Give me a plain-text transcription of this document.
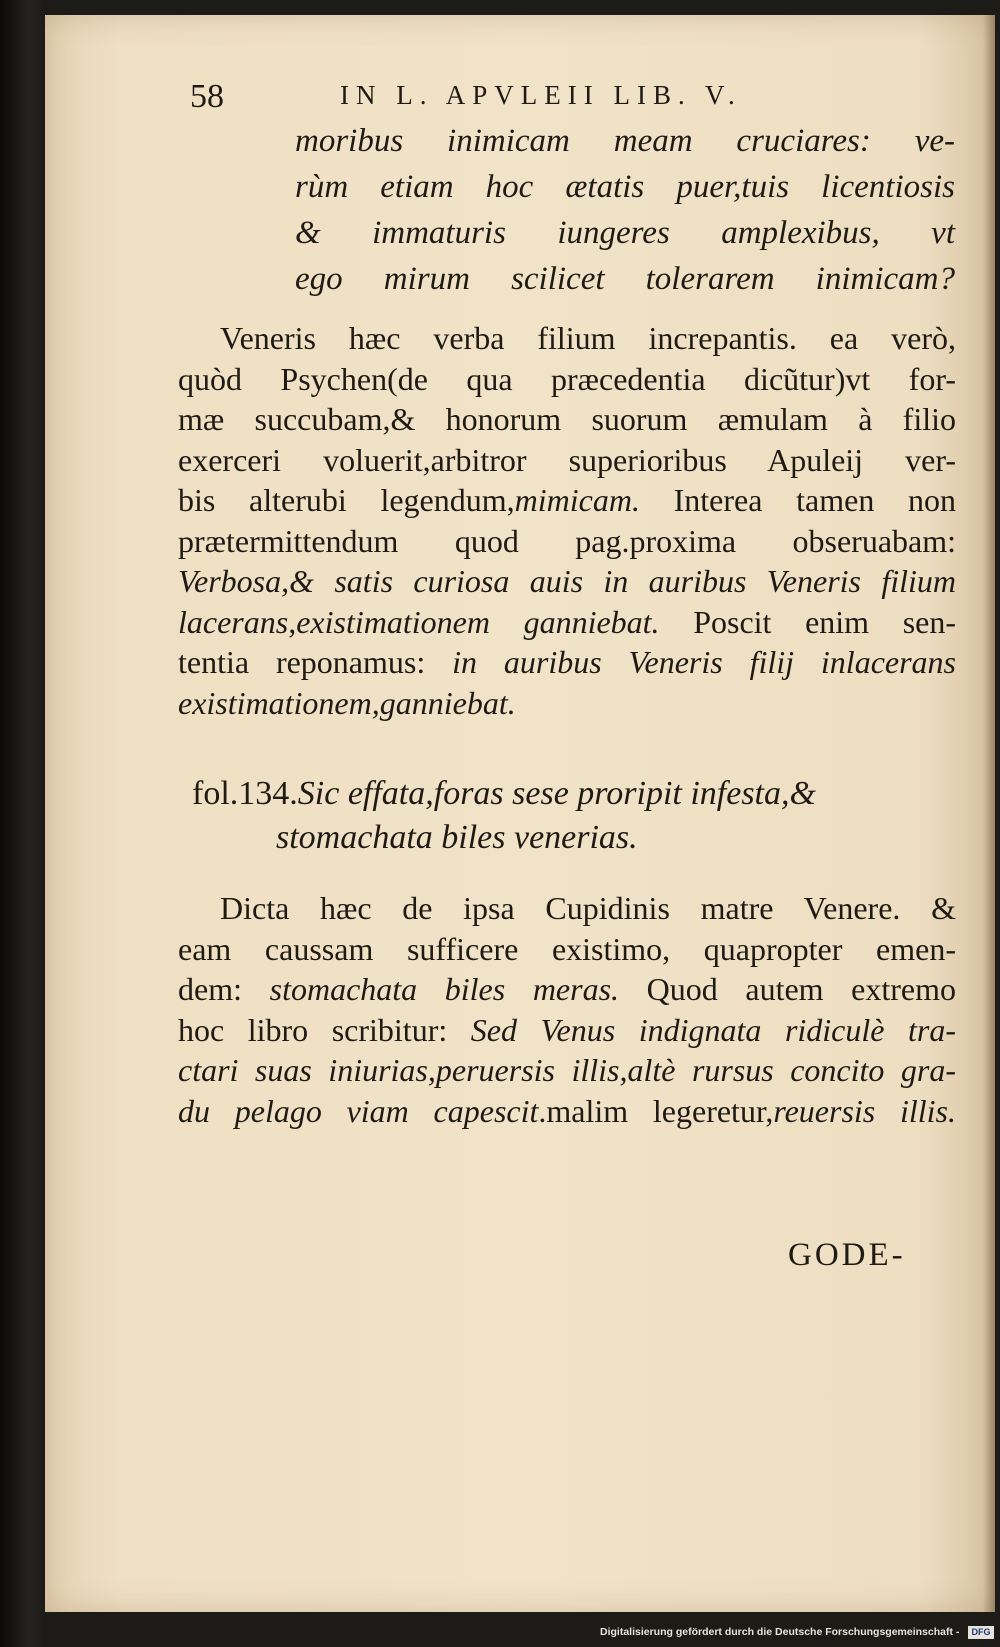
58	IN L. APVLEII LIB. V.
moribus inimicam meam cruciares: ve-
rùm etiam hoc ætatis puer,tuis licentiosis
& immaturis iungeres amplexibus, vt
ego mirum scilicet tolerarem inimicam?
Veneris hæc verba filium increpantis. ea verò,
quòd Psychen(de qua præcedentia dicũtur)vt for-
mæ succubam,& honorum suorum æmulam à filio
exerceri voluerit,arbitror superioribus Apuleij ver-
bis alterubi legendum,mimicam. Interea tamen non
prætermittendum quod pag.proxima obseruabam:
Verbosa,& satis curiosa auis in auribus Veneris filium
lacerans,existimationem ganniebat. Poscit enim sen-
tentia reponamus: in auribus Veneris filij inlacerans
existimationem,ganniebat.
fol.134.Sic effata,foras sese proripit infesta,&
stomachata biles venerias.
Dicta hæc de ipsa Cupidinis matre Venere. &
eam caussam sufficere existimo, quapropter emen-
dem: stomachata biles meras. Quod autem extremo
hoc libro scribitur: Sed Venus indignata ridiculè tra-
ctari suas iniurias,peruersis illis,altè rursus concito gra-
du pelago viam capescit.malim legeretur,reuersis illis.
GODE-
Digitalisierung gefördert durch die Deutsche Forschungsgemeinschaft -	DFG
